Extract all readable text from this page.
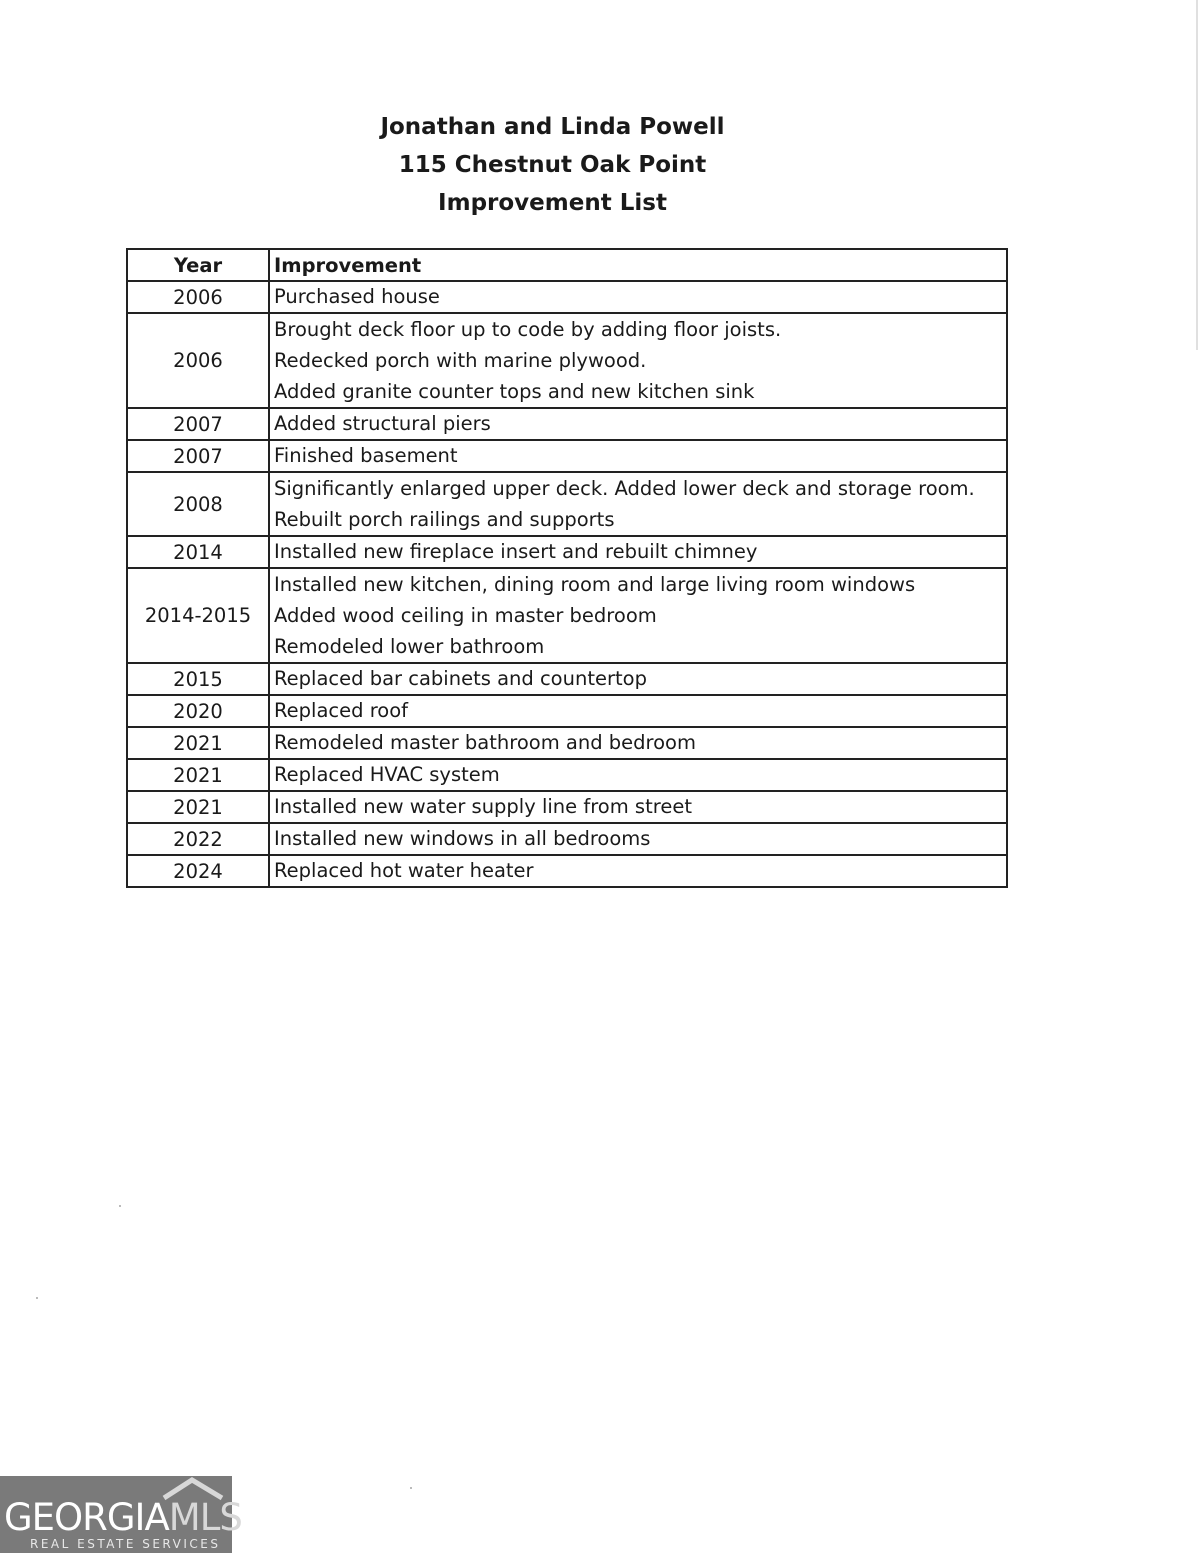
Jonathan and Linda Powell
115 Chestnut Oak Point
Improvement List
Year	Improvement
2006	Purchased house

2006	Brought deck floor up to code by adding floor joists.
Redecked porch with marine plywood.
Added granite counter tops and new kitchen sink

2007	Added structural piers

2007	Finished basement

2008	Significantly enlarged upper deck. Added lower deck and storage room.
Rebuilt porch railings and supports

2014	Installed new fireplace insert and rebuilt chimney

2014-2015	Installed new kitchen, dining room and large living room windows
Added wood ceiling in master bedroom
Remodeled lower bathroom

2015	Replaced bar cabinets and countertop

2020	Replaced roof

2021	Remodeled master bathroom and bedroom

2021	Replaced HVAC system

2021	Installed new water supply line from street

2022	Installed new windows in all bedrooms

2024	Replaced hot water heater
GEORGIAMLS
REAL ESTATE SERVICES
